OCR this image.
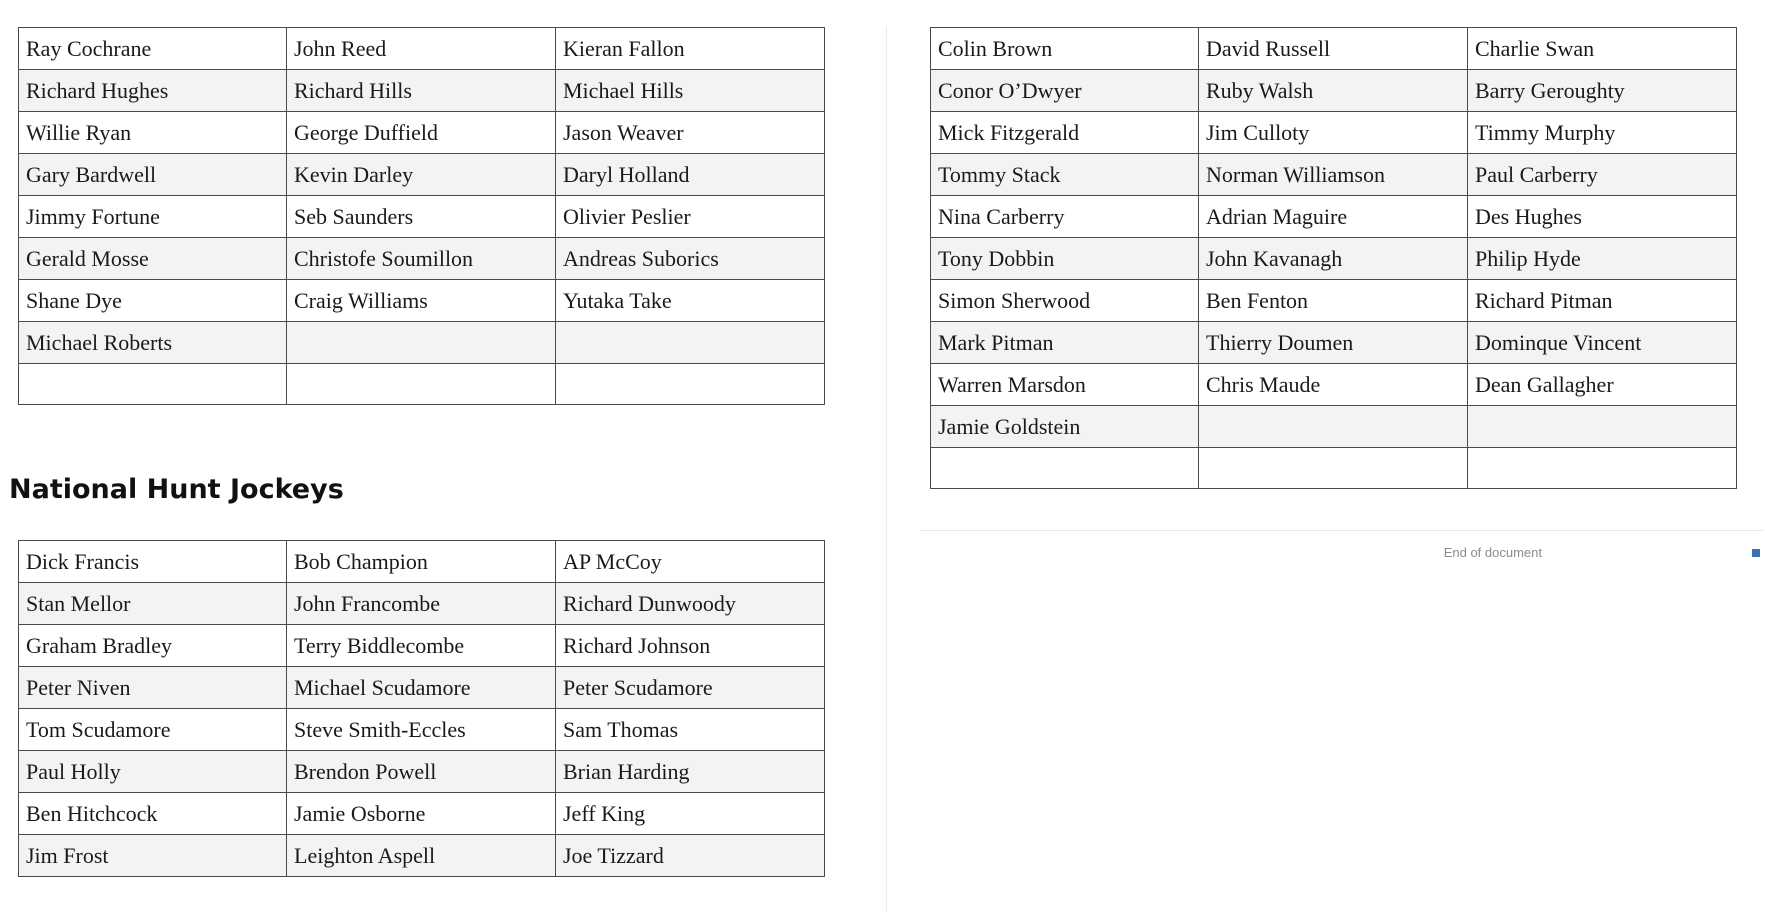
Ray Cochrane	John Reed	Kieran Fallon
Richard Hughes	Richard Hills	Michael Hills
Willie Ryan	George Duffield	Jason Weaver
Gary Bardwell	Kevin Darley	Daryl Holland
Jimmy Fortune	Seb Saunders	Olivier Peslier
Gerald Mosse	Christofe Soumillon	Andreas Suborics
Shane Dye	Craig Williams	Yutaka Take
Michael Roberts		

National Hunt Jockeys
Dick Francis	Bob Champion	AP McCoy
Stan Mellor	John Francombe	Richard Dunwoody
Graham Bradley	Terry Biddlecombe	Richard Johnson
Peter Niven	Michael Scudamore	Peter Scudamore
Tom Scudamore	Steve Smith-Eccles	Sam Thomas
Paul Holly	Brendon Powell	Brian Harding
Ben Hitchcock	Jamie Osborne	Jeff King
Jim Frost	Leighton Aspell	Joe Tizzard
Colin Brown	David Russell	Charlie Swan
Conor O’Dwyer	Ruby Walsh	Barry Geroughty
Mick Fitzgerald	Jim Culloty	Timmy Murphy
Tommy Stack	Norman Williamson	Paul Carberry
Nina Carberry	Adrian Maguire	Des Hughes
Tony Dobbin	John Kavanagh	Philip Hyde
Simon Sherwood	Ben Fenton	Richard Pitman
Mark Pitman	Thierry Doumen	Dominque Vincent
Warren Marsdon	Chris Maude	Dean Gallagher
Jamie Goldstein		

End of document
